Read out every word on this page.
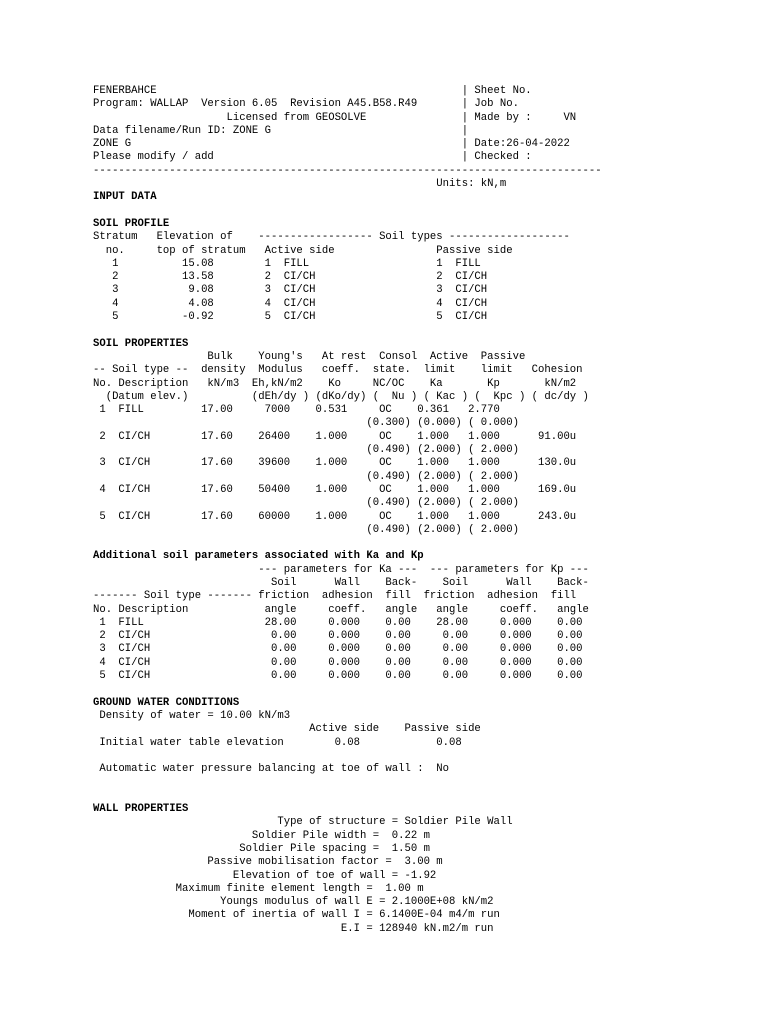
FENERBAHCE                                                | Sheet No.
Program: WALLAP  Version 6.05  Revision A45.B58.R49       | Job No.
Licensed from GEOSOLVE               | Made by :     VN
Data filename/Run ID: ZONE G                              |
ZONE G                                                    | Date:26-04-2022
Please modify / add                                       | Checked :
--------------------------------------------------------------------------------
Units: kN,m
INPUT DATA
SOIL PROFILE
Stratum   Elevation of    ------------------ Soil types -------------------
no.     top of stratum   Active side                Passive side
1          15.08        1  FILL                    1  FILL
2          13.58        2  CI/CH                   2  CI/CH
3           9.08        3  CI/CH                   3  CI/CH
4           4.08        4  CI/CH                   4  CI/CH
5          -0.92        5  CI/CH                   5  CI/CH
SOIL PROPERTIES
Bulk    Young's   At rest  Consol  Active  Passive
-- Soil type --  density  Modulus   coeff.  state.  limit    limit   Cohesion
No. Description   kN/m3  Eh,kN/m2    Ko     NC/OC    Ka       Kp       kN/m2
(Datum elev.)          (dEh/dy ) (dKo/dy) (  Nu ) ( Kac ) (  Kpc ) ( dc/dy )
1  FILL         17.00     7000    0.531     OC    0.361   2.770
(0.300) (0.000) ( 0.000)
2  CI/CH        17.60    26400    1.000     OC    1.000   1.000      91.00u
(0.490) (2.000) ( 2.000)
3  CI/CH        17.60    39600    1.000     OC    1.000   1.000      130.0u
(0.490) (2.000) ( 2.000)
4  CI/CH        17.60    50400    1.000     OC    1.000   1.000      169.0u
(0.490) (2.000) ( 2.000)
5  CI/CH        17.60    60000    1.000     OC    1.000   1.000      243.0u
(0.490) (2.000) ( 2.000)
Additional soil parameters associated with Ka and Kp
--- parameters for Ka ---  --- parameters for Kp ---
Soil      Wall    Back-    Soil      Wall    Back-
------- Soil type ------- friction  adhesion  fill  friction  adhesion  fill
No. Description            angle     coeff.   angle   angle     coeff.   angle
1  FILL                   28.00     0.000    0.00    28.00     0.000    0.00
2  CI/CH                   0.00     0.000    0.00     0.00     0.000    0.00
3  CI/CH                   0.00     0.000    0.00     0.00     0.000    0.00
4  CI/CH                   0.00     0.000    0.00     0.00     0.000    0.00
5  CI/CH                   0.00     0.000    0.00     0.00     0.000    0.00
GROUND WATER CONDITIONS
Density of water = 10.00 kN/m3
Active side    Passive side
Initial water table elevation        0.08            0.08
Automatic water pressure balancing at toe of wall :  No
WALL PROPERTIES
Type of structure = Soldier Pile Wall
Soldier Pile width =  0.22 m
Soldier Pile spacing =  1.50 m
Passive mobilisation factor =  3.00 m
Elevation of toe of wall = -1.92
Maximum finite element length =  1.00 m
Youngs modulus of wall E = 2.1000E+08 kN/m2
Moment of inertia of wall I = 6.1400E-04 m4/m run
E.I = 128940 kN.m2/m run
